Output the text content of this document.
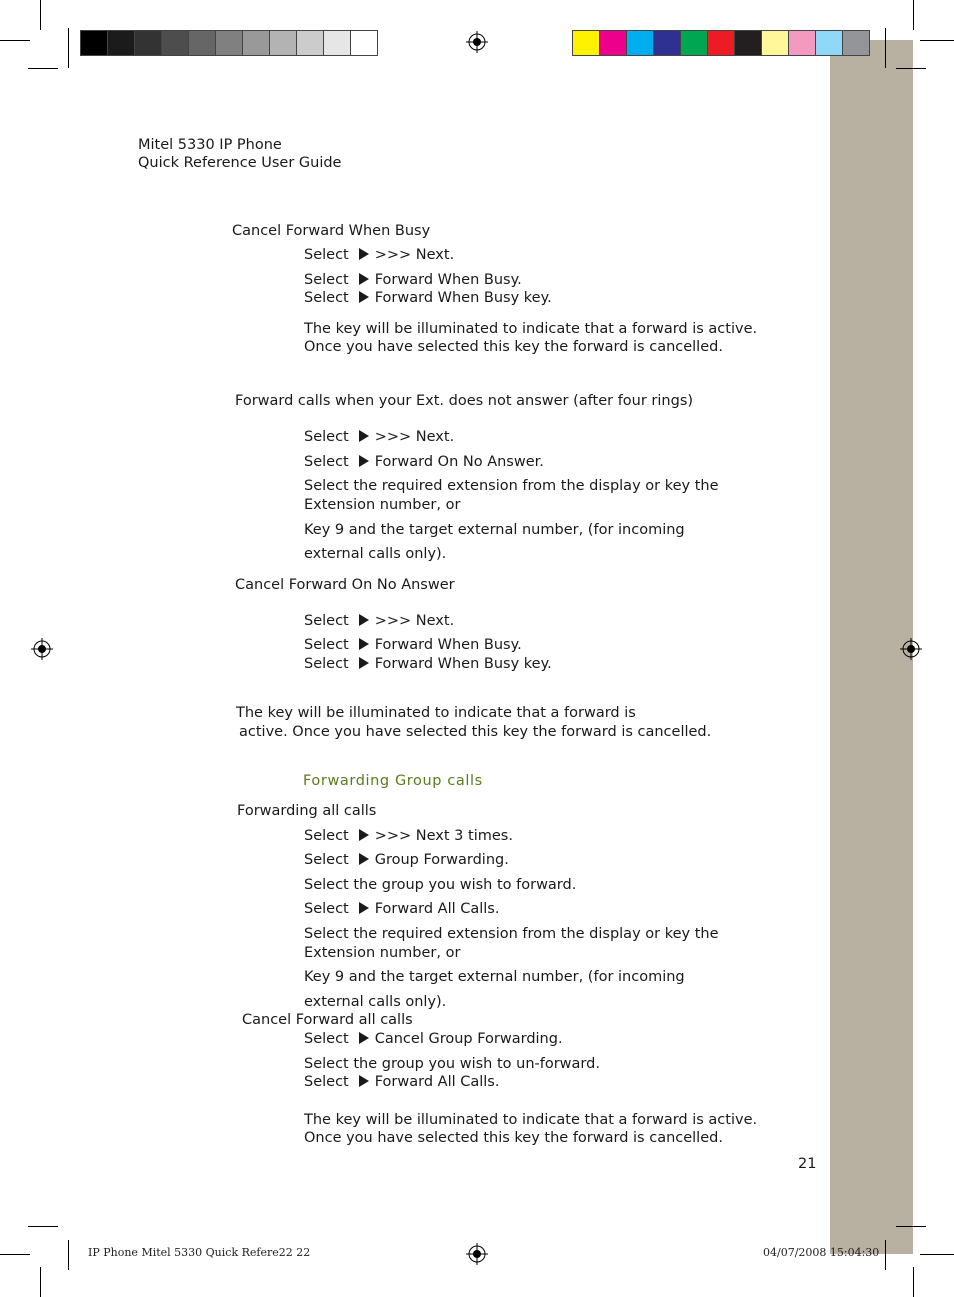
Mitel 5330 IP Phone
Quick Reference User Guide
Cancel Forward When Busy
Select >>> Next.
Select Forward When Busy.
Select Forward When Busy key.
The key will be illuminated to indicate that a forward is active.
Once you have selected this key the forward is cancelled.
Forward calls when your Ext. does not answer (after four rings)
Select >>> Next.
Select Forward On No Answer.
Select the required extension from the display or key the
Extension number, or
Key 9 and the target external number, (for incoming
external calls only).
Cancel Forward On No Answer
Select >>> Next.
Select Forward When Busy.
Select Forward When Busy key.
The key will be illuminated to indicate that a forward is
active. Once you have selected this key the forward is cancelled.
Forwarding Group calls
Forwarding all calls
Select >>> Next 3 times.
Select Group Forwarding.
Select the group you wish to forward.
Select Forward All Calls.
Select the required extension from the display or key the
Extension number, or
Key 9 and the target external number, (for incoming
external calls only).
Cancel Forward all calls
Select Cancel Group Forwarding.
Select the group you wish to un-forward.
Select Forward All Calls.
The key will be illuminated to indicate that a forward is active.
Once you have selected this key the forward is cancelled.
21
IP Phone Mitel 5330 Quick Refere22 22	04/07/2008 15:04:30
